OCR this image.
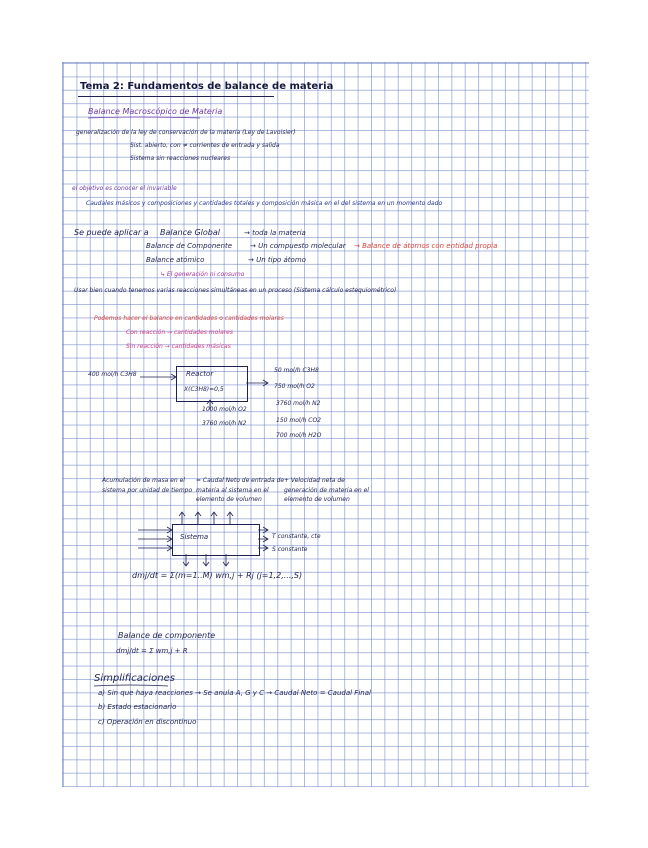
Tema 2: Fundamentos de balance de materia
Balance Macroscópico de Materia
generalización de la ley de conservación de la materia (Ley de Lavoisier)
Sist. abierto, con ≠ corrientes de entrada y salida
Sistema sin reacciones nucleares
el objetivo es conocer el invariable
Caudales másicos y composiciones y cantidades totales y composición másica en el del sistema en un momento dado
Se puede aplicar a Balance Global	→ toda la materia
Balance de Componente	→ Un compuesto molecular → Balance de átomos con entidad propia
Balance atómico	→ Un tipo átomo
↳ El generación ni consumo
Usar bien cuando tenemos varias reacciones simultáneas en un proceso (Sistema cálculo estequiométrico)
Podemos hacer el balance en cantidades o cantidades molares
Con reacción → cantidades molares
Sin reacción → cantidades másicas
400 mol/h C3H8	Reactor
X(C3H8)=0,5
50 mol/h C3H8
750 mol/h O2
3760 mol/h N2
150 mol/h CO2
700 mol/h H2O
1000 mol/h O2
3760 mol/h N2
Acumulación de masa en el sistema por unidad de tiempo
= Caudal Neto de entrada de materia al sistema en el elemento de volumen
+ Velocidad neta de generación de materia en el elemento de volumen
Sistema	T constante, cte
S constante
dmj/dt = Σ(m=1..M) wm,j + Rj (j=1,2,...,S)
Balance de componente
dmj/dt = Σ wm,j + R
Simplificaciones
a) Sin que haya reacciones → Se anula A, G y C → Caudal Neto = Caudal Final
b) Estado estacionario
c) Operación en discontinuo
